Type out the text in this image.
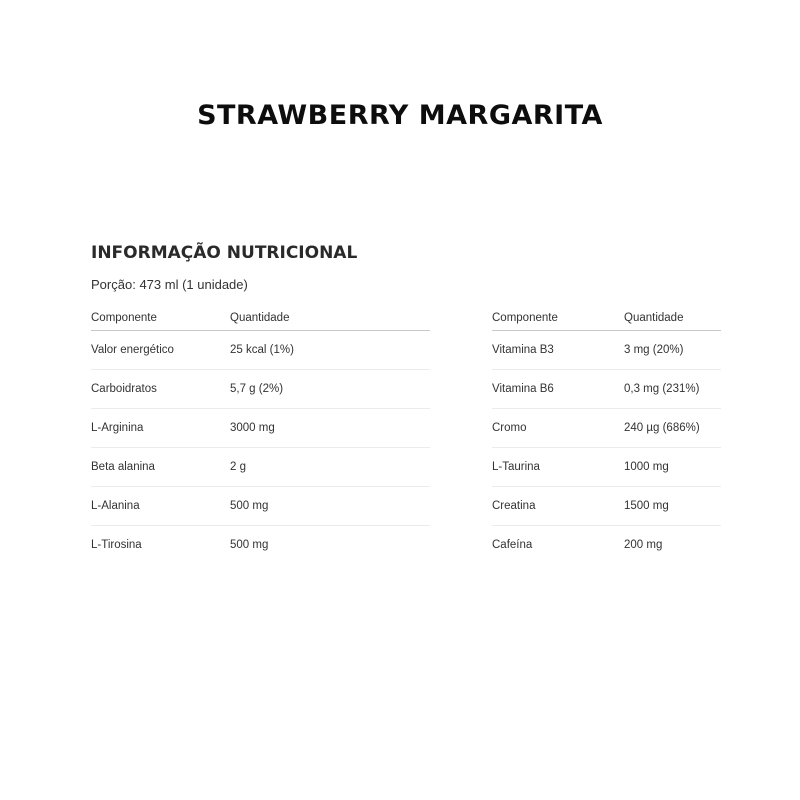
STRAWBERRY MARGARITA
INFORMAÇÃO NUTRICIONAL
Porção: 473 ml (1 unidade)
Componente	Quantidade
Valor energético	25 kcal (1%)
Carboidratos	5,7 g (2%)
L-Arginina	3000 mg
Beta alanina	2 g
L-Alanina	500 mg
L-Tirosina	500 mg
Componente	Quantidade
Vitamina B3	3 mg (20%)
Vitamina B6	0,3 mg (231%)
Cromo	240 µg (686%)
L-Taurina	1000 mg
Creatina	1500 mg
Cafeína	200 mg
